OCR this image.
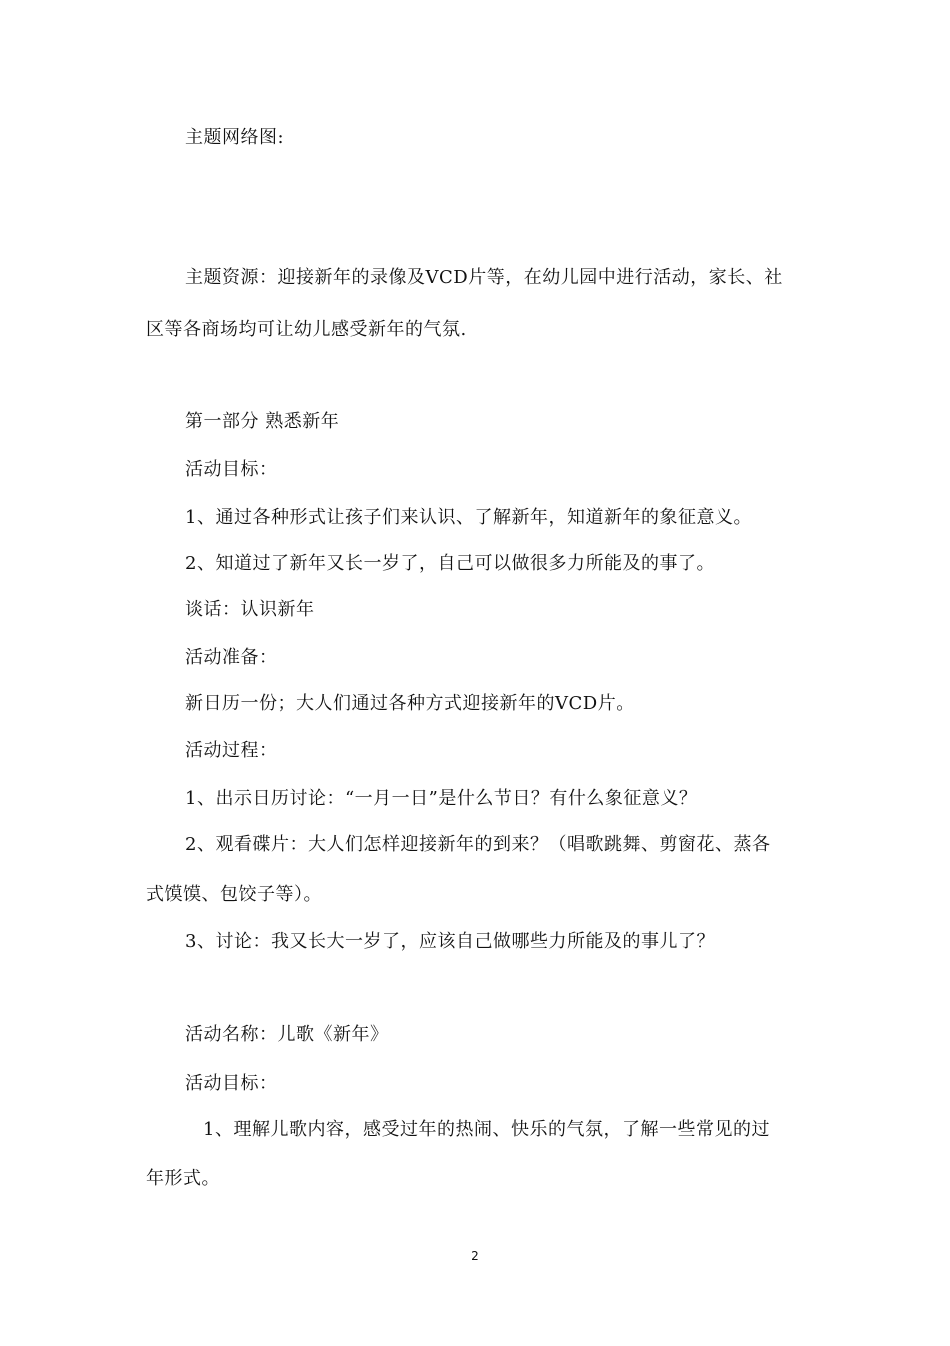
主题网络图:
主题资源：迎接新年的录像及VCD片等，在幼儿园中进行活动，家长、社
区等各商场均可让幼儿感受新年的气氛.
第一部分 熟悉新年
活动目标：
1、通过各种形式让孩子们来认识、了解新年，知道新年的象征意义。
2、知道过了新年又长一岁了，自己可以做很多力所能及的事了。
谈话：认识新年
活动准备：
新日历一份；大人们通过各种方式迎接新年的VCD片。
活动过程：
1、出示日历讨论：“一月一日”是什么节日？有什么象征意义？
2、观看碟片：大人们怎样迎接新年的到来？（唱歌跳舞、剪窗花、蒸各
式馍馍、包饺子等）。
3、讨论：我又长大一岁了，应该自己做哪些力所能及的事儿了？
活动名称：儿歌《新年》
活动目标：
1、理解儿歌内容，感受过年的热闹、快乐的气氛，了解一些常见的过
年形式。
2
